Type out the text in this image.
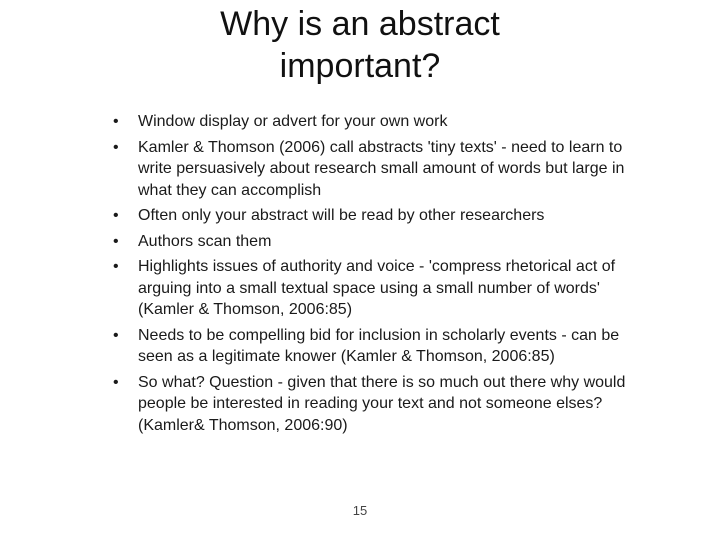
Why is an abstract
important?
• Window display or advert for your own work
• Kamler & Thomson (2006) call abstracts 'tiny texts' - need to learn to write persuasively about research small amount of words but large in what they can accomplish
• Often only your abstract will be read by other researchers
• Authors scan them
• Highlights issues of authority and voice - 'compress rhetorical act of arguing into a small textual space using a small number of words' (Kamler & Thomson, 2006:85)
• Needs to be compelling bid for inclusion in scholarly events - can be seen as a legitimate knower (Kamler & Thomson, 2006:85)
• So what? Question - given that there is so much out there why would people be interested in reading your text and not someone elses? (Kamler& Thomson, 2006:90)
15
